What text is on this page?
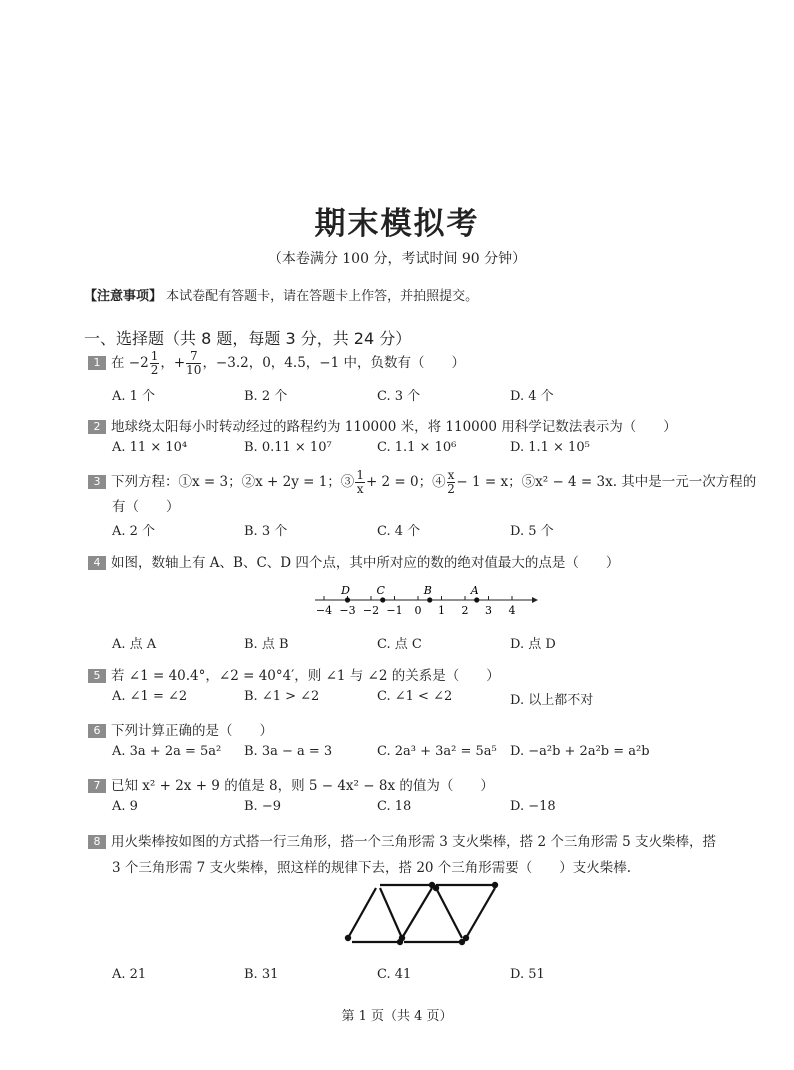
期末模拟考
（本卷满分 100 分，考试时间 90 分钟）
【注意事项】 本试卷配有答题卡，请在答题卡上作答，并拍照提交。
一、选择题（共 8 题，每题 3 分，共 24 分）
1 在 $-2 \frac{1}{2}$ ，+ $\frac{7}{10}$ ，−3.2，0，4.5，−1 中，负数有（　　）
A. 1 个	B. 2 个	C. 3 个	D. 4 个
2 地球绕太阳每小时转动经过的路程约为 110000 米，将 110000 用科学记数法表示为（　　）
A. 11 × 10⁴	B. 0.11 × 10⁷	C. 1.1 × 10⁶	D. 1.1 × 10⁵
3 下列方程：①x = 3；②x + 2y = 1；③ $\frac{1}{x} + 2 = 0$；④ $\frac{x}{2} - 1 = x$；⑤x² − 4 = 3x. 其中是一元一次方程的
有（　　）
A. 2 个	B. 3 个	C. 4 个	D. 5 个
4 如图，数轴上有 A、B、C、D 四个点，其中所对应的数的绝对值最大的点是（　　）
−4 −3 −2 −1 0 1 2 3 4
D C	B	A
A. 点 A	B. 点 B	C. 点 C	D. 点 D
5 若 ∠1 = 40.4°，∠2 = 40°4′，则 ∠1 与 ∠2 的关系是（　　）
A. ∠1 = ∠2	B. ∠1 > ∠2	C. ∠1 < ∠2	D. 以上都不对
6 下列计算正确的是（　　）
A. 3a + 2a = 5a² B. 3a − a = 3	C. 2a³ + 3a² = 5a⁵ D. −a²b + 2a²b = a²b
7 已知 x² + 2x + 9 的值是 8，则 5 − 4x² − 8x 的值为（　　）
A. 9	B. −9	C. 18	D. −18
8 用火柴棒按如图的方式搭一行三角形，搭一个三角形需 3 支火柴棒，搭 2 个三角形需 5 支火柴棒，搭
3 个三角形需 7 支火柴棒，照这样的规律下去，搭 20 个三角形需要（　　）支火柴棒.
A. 21	B. 31	C. 41	D. 51
第 1 页（共 4 页）
